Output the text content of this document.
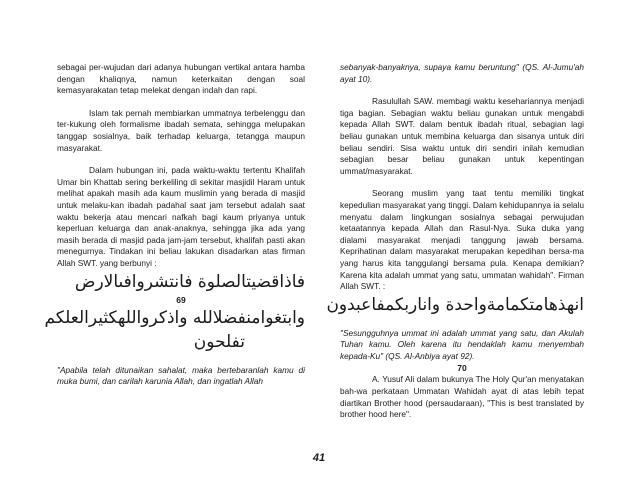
sebagai per-wujudan dari adanya hubungan vertikal antara hamba dengan khaliqnya, namun keterkaitan dengan soal kemasyarakatan tetap melekat dengan indah dan rapi.

Islam tak pernah membiarkan ummatnya terbelenggu dan ter-kukung oleh formalisme ibadah semata, sehingga melupakan tanggap sosialnya, baik terhadap keluarga, tetangga maupun masyarakat.

Dalam hubungan ini, pada waktu-waktu tertentu Khalifah Umar bin Khattab sering berkeliling di sekitar masjidil Haram untuk melihat apakah masih ada kaum muslimin yang berada di masjid untuk melaku-kan ibadah padahal saat jam tersebut adalah saat waktu bekerja atau mencari nafkah bagi kaum priyanya untuk keperluan keluarga dan anak-anaknya, sehingga jika ada yang masih berada di masjid pada jam-jam tersebut, khalifah pasti akan menegurnya. Tindakan ini beliau lakukan disadarkan atas firman Allah SWT. yang berbunyi :

فاذاقضيتالصلوة فانتشروافىالارض

69

وابتغوامنفضلالله واذكرواللهكثيرالعلكم

تفلحون

"Apabila telah ditunaikan sahalat, maka bertebaranlah kamu di muka bumi, dan carilah karunia Allah, dan ingatlah Allah

sebanyak-banyaknya, supaya kamu beruntung" (QS. Al-Jumu'ah ayat 10).

Rasulullah SAW. membagi waktu kesehariannya menjadi tiga bagian. Sebagian waktu beliau gunakan untuk mengabdi kepada Allah SWT. dalam bentuk ibadah ritual, sebagian lagi beliau gunakan untuk membina keluarga dan sisanya untuk diri beliau sendiri. Sisa waktu untuk diri sendiri inilah kemudian sebagian besar beliau gunakan untuk kepentingan ummat/masyarakat.

Seorang muslim yang taat tentu memiliki tingkat kepedulian masyarakat yang tinggi. Dalam kehidupannya ia selalu menyatu dalam lingkungan sosialnya sebagai perwujudan ketaatannya kepada Allah dan Rasul-Nya. Suka duka yang dialami masyarakat menjadi tanggung jawab bersama. Keprihatinan dalam masyarakat merupakan kepedihan bersa-ma yang harus kita tanggulangi bersama pula. Kenapa demikian? Karena kita adalah ummat yang satu, ummatan wahidah". Firman Allah SWT. :

انهذهامتكمامةواحدة واناربكمفاعبدون

"Sesungguhnya ummat ini adalah ummat yang satu, dan Akulah Tuhan kamu. Oleh karena itu hendaklah kamu menyembah kepada-Ku" (QS. Al-Anbiya ayat 92).

70

A. Yusuf Ali dalam bukunya The Holy Qur'an menyatakan bah-wa perkataan Ummatan Wahidah ayat di atas lebih tepat diartikan Brother hood (persaudaraan), "This is best translated by brother hood here".

41
